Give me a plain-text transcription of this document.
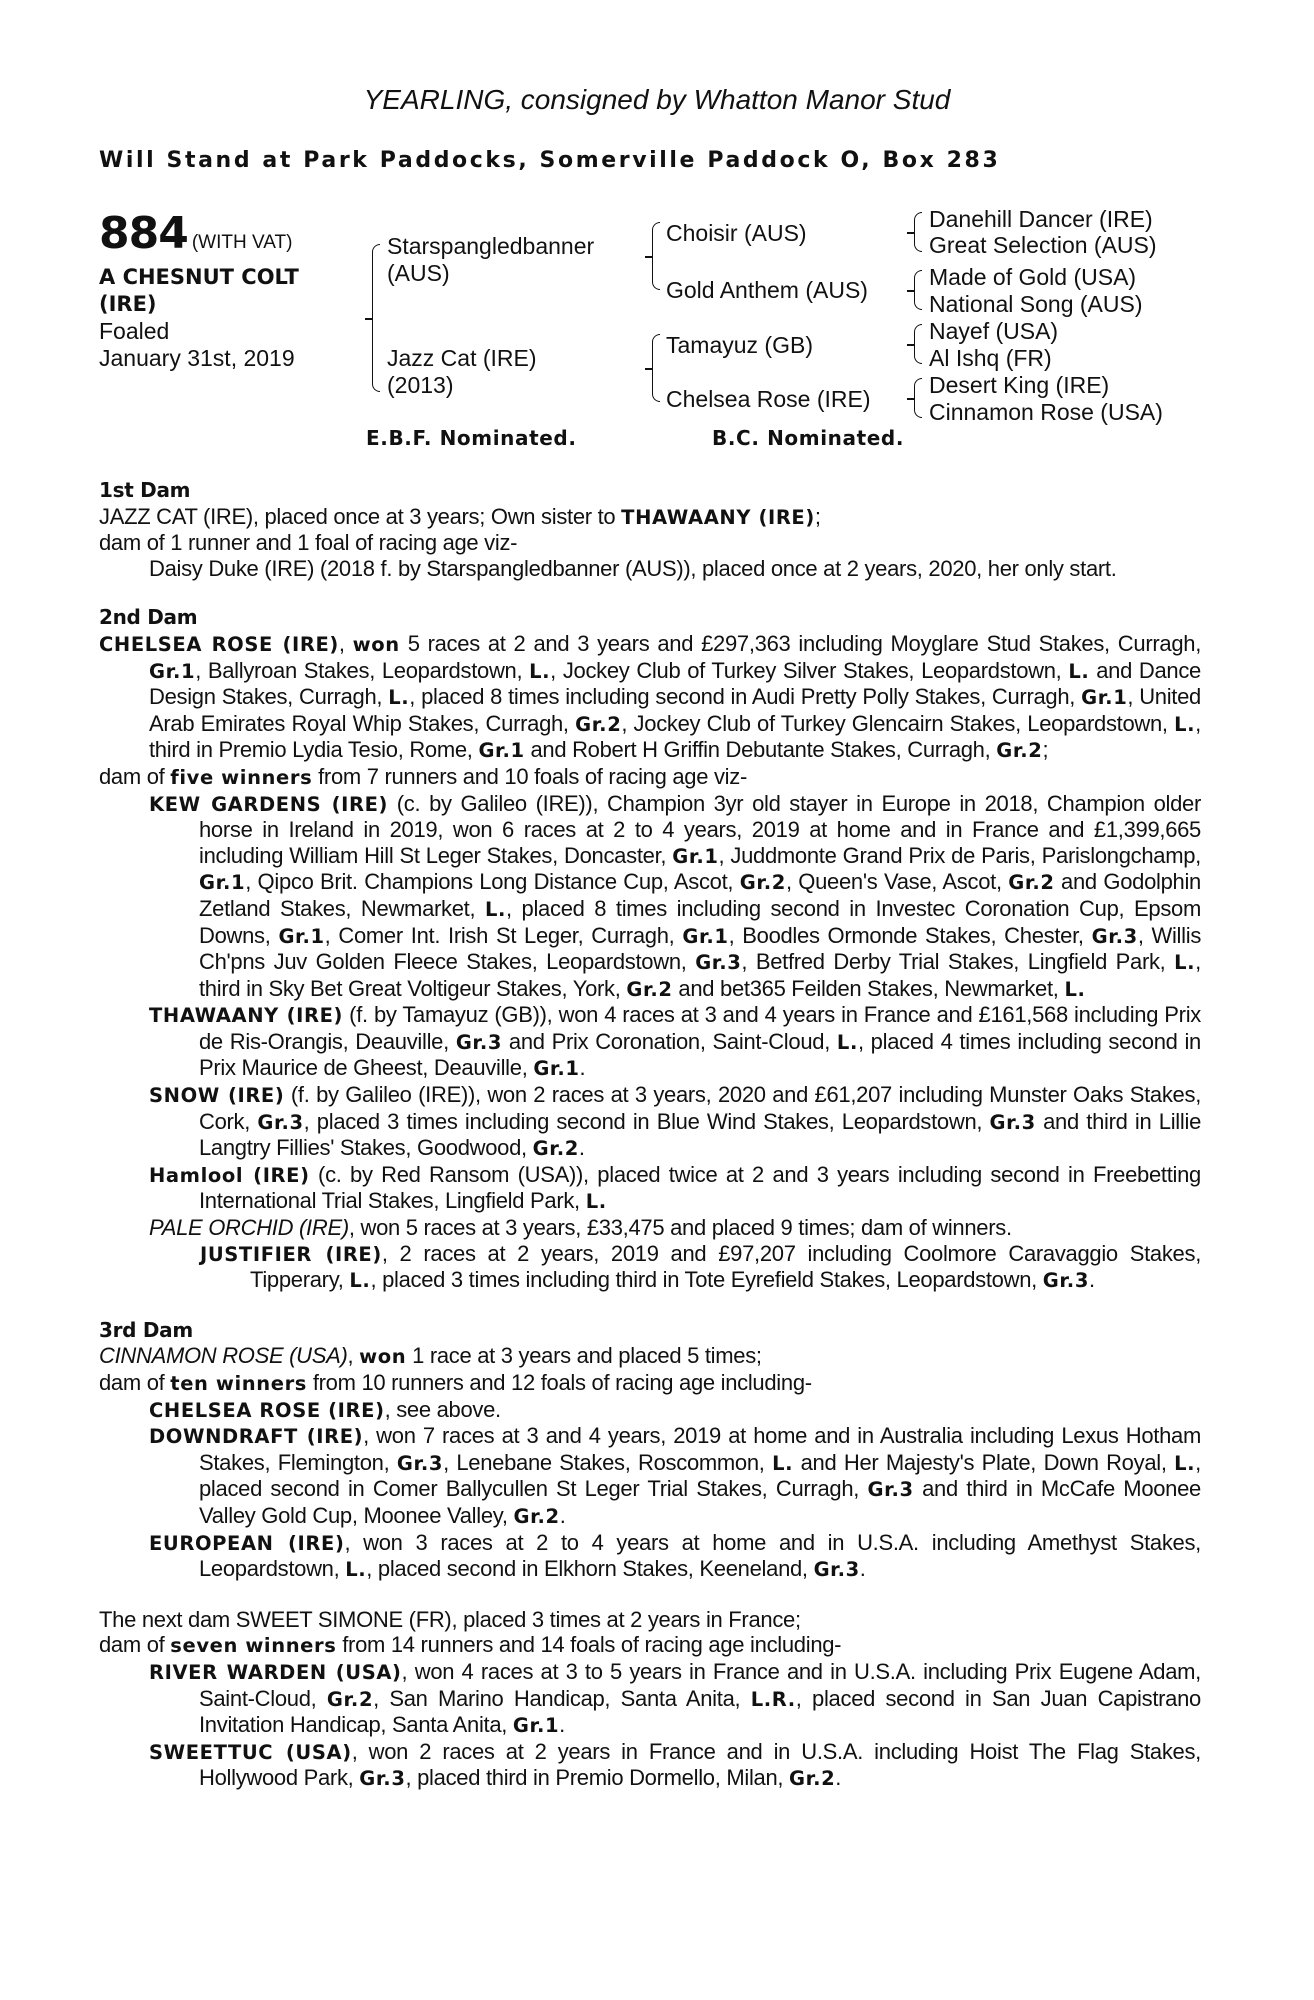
YEARLING, consigned by Whatton Manor Stud
Will Stand at Park Paddocks, Somerville Paddock O, Box 283
884 (WITH VAT)
A CHESNUT COLT (IRE)
Foaled
January 31st, 2019
Starspangledbanner
(AUS)
Jazz Cat (IRE)
(2013)
Choisir (AUS)
Gold Anthem (AUS)
Tamayuz (GB)
Chelsea Rose (IRE)
Danehill Dancer (IRE)
Great Selection (AUS)
Made of Gold (USA)
National Song (AUS)
Nayef (USA)
Al Ishq (FR)
Desert King (IRE)
Cinnamon Rose (USA)
E.B.F. Nominated.	B.C. Nominated.
1st Dam
JAZZ CAT (IRE), placed once at 3 years; Own sister to THAWAANY (IRE);
dam of 1 runner and 1 foal of racing age viz-
Daisy Duke (IRE) (2018 f. by Starspangledbanner (AUS)), placed once at 2 years, 2020, her only start.
2nd Dam
CHELSEA ROSE (IRE), won 5 races at 2 and 3 years and £297,363 including Moyglare Stud Stakes, Curragh, Gr.1, Ballyroan Stakes, Leopardstown, L., Jockey Club of Turkey Silver Stakes, Leopardstown, L. and Dance Design Stakes, Curragh, L., placed 8 times including second in Audi Pretty Polly Stakes, Curragh, Gr.1, United Arab Emirates Royal Whip Stakes, Curragh, Gr.2, Jockey Club of Turkey Glencairn Stakes, Leopardstown, L., third in Premio Lydia Tesio, Rome, Gr.1 and Robert H Griffin Debutante Stakes, Curragh, Gr.2;
dam of five winners from 7 runners and 10 foals of racing age viz-
KEW GARDENS (IRE) (c. by Galileo (IRE)), Champion 3yr old stayer in Europe in 2018, Champion older horse in Ireland in 2019, won 6 races at 2 to 4 years, 2019 at home and in France and £1,399,665 including William Hill St Leger Stakes, Doncaster, Gr.1, Juddmonte Grand Prix de Paris, Parislongchamp, Gr.1, Qipco Brit. Champions Long Distance Cup, Ascot, Gr.2, Queen's Vase, Ascot, Gr.2 and Godolphin Zetland Stakes, Newmarket, L., placed 8 times including second in Investec Coronation Cup, Epsom Downs, Gr.1, Comer Int. Irish St Leger, Curragh, Gr.1, Boodles Ormonde Stakes, Chester, Gr.3, Willis Ch'pns Juv Golden Fleece Stakes, Leopardstown, Gr.3, Betfred Derby Trial Stakes, Lingfield Park, L., third in Sky Bet Great Voltigeur Stakes, York, Gr.2 and bet365 Feilden Stakes, Newmarket, L.
THAWAANY (IRE) (f. by Tamayuz (GB)), won 4 races at 3 and 4 years in France and £161,568 including Prix de Ris-Orangis, Deauville, Gr.3 and Prix Coronation, Saint-Cloud, L., placed 4 times including second in Prix Maurice de Gheest, Deauville, Gr.1.
SNOW (IRE) (f. by Galileo (IRE)), won 2 races at 3 years, 2020 and £61,207 including Munster Oaks Stakes, Cork, Gr.3, placed 3 times including second in Blue Wind Stakes, Leopardstown, Gr.3 and third in Lillie Langtry Fillies' Stakes, Goodwood, Gr.2.
Hamlool (IRE) (c. by Red Ransom (USA)), placed twice at 2 and 3 years including second in Freebetting International Trial Stakes, Lingfield Park, L.
PALE ORCHID (IRE), won 5 races at 3 years, £33,475 and placed 9 times; dam of winners.
JUSTIFIER (IRE), 2 races at 2 years, 2019 and £97,207 including Coolmore Caravaggio Stakes, Tipperary, L., placed 3 times including third in Tote Eyrefield Stakes, Leopardstown, Gr.3.
3rd Dam
CINNAMON ROSE (USA), won 1 race at 3 years and placed 5 times;
dam of ten winners from 10 runners and 12 foals of racing age including-
CHELSEA ROSE (IRE), see above.
DOWNDRAFT (IRE), won 7 races at 3 and 4 years, 2019 at home and in Australia including Lexus Hotham Stakes, Flemington, Gr.3, Lenebane Stakes, Roscommon, L. and Her Majesty's Plate, Down Royal, L., placed second in Comer Ballycullen St Leger Trial Stakes, Curragh, Gr.3 and third in McCafe Moonee Valley Gold Cup, Moonee Valley, Gr.2.
EUROPEAN (IRE), won 3 races at 2 to 4 years at home and in U.S.A. including Amethyst Stakes, Leopardstown, L., placed second in Elkhorn Stakes, Keeneland, Gr.3.
The next dam SWEET SIMONE (FR), placed 3 times at 2 years in France;
dam of seven winners from 14 runners and 14 foals of racing age including-
RIVER WARDEN (USA), won 4 races at 3 to 5 years in France and in U.S.A. including Prix Eugene Adam, Saint-Cloud, Gr.2, San Marino Handicap, Santa Anita, L.R., placed second in San Juan Capistrano Invitation Handicap, Santa Anita, Gr.1.
SWEETTUC (USA), won 2 races at 2 years in France and in U.S.A. including Hoist The Flag Stakes, Hollywood Park, Gr.3, placed third in Premio Dormello, Milan, Gr.2.
